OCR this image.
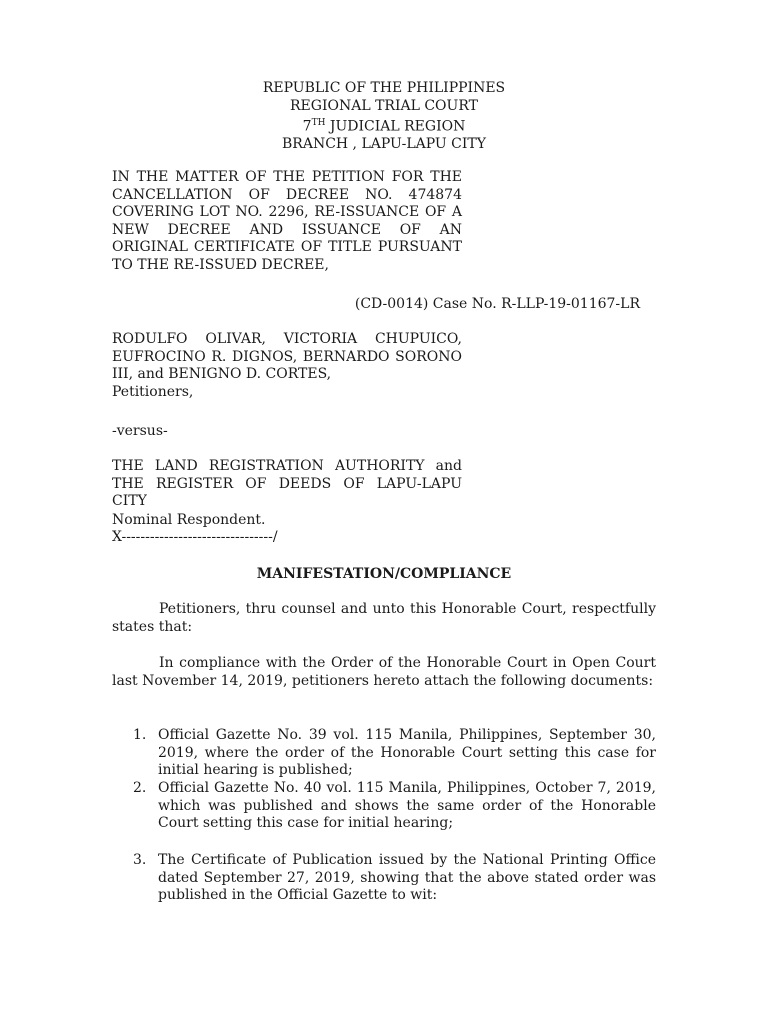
REPUBLIC OF THE PHILIPPINES
REGIONAL TRIAL COURT
7TH JUDICIAL REGION
BRANCH , LAPU-LAPU CITY
IN THE MATTER OF THE PETITION FOR THE CANCELLATION OF DECREE NO. 474874 COVERING LOT NO. 2296, RE-ISSUANCE OF A NEW DECREE AND ISSUANCE OF AN ORIGINAL CERTIFICATE OF TITLE PURSUANT TO THE RE-ISSUED DECREE,
(CD-0014) Case No. R-LLP-19-01167-LR
RODULFO OLIVAR, VICTORIA CHUPUICO, EUFROCINO R. DIGNOS, BERNARDO SORONO III, and BENIGNO D. CORTES,
Petitioners,
-versus-
THE LAND REGISTRATION AUTHORITY and THE REGISTER OF DEEDS OF LAPU-LAPU CITY
Nominal Respondent.
X--------------------------------/
MANIFESTATION/COMPLIANCE
Petitioners, thru counsel and unto this Honorable Court, respectfully states that:
In compliance with the Order of the Honorable Court in Open Court last November 14, 2019, petitioners hereto attach the following documents:
1. Official Gazette No. 39 vol. 115 Manila, Philippines, September 30, 2019, where the order of the Honorable Court setting this case for initial hearing is published;
2. Official Gazette No. 40 vol. 115 Manila, Philippines, October 7, 2019, which was published and shows the same order of the Honorable Court setting this case for initial hearing;
3. The Certificate of Publication issued by the National Printing Office dated September 27, 2019, showing that the above stated order was published in the Official Gazette to wit:
